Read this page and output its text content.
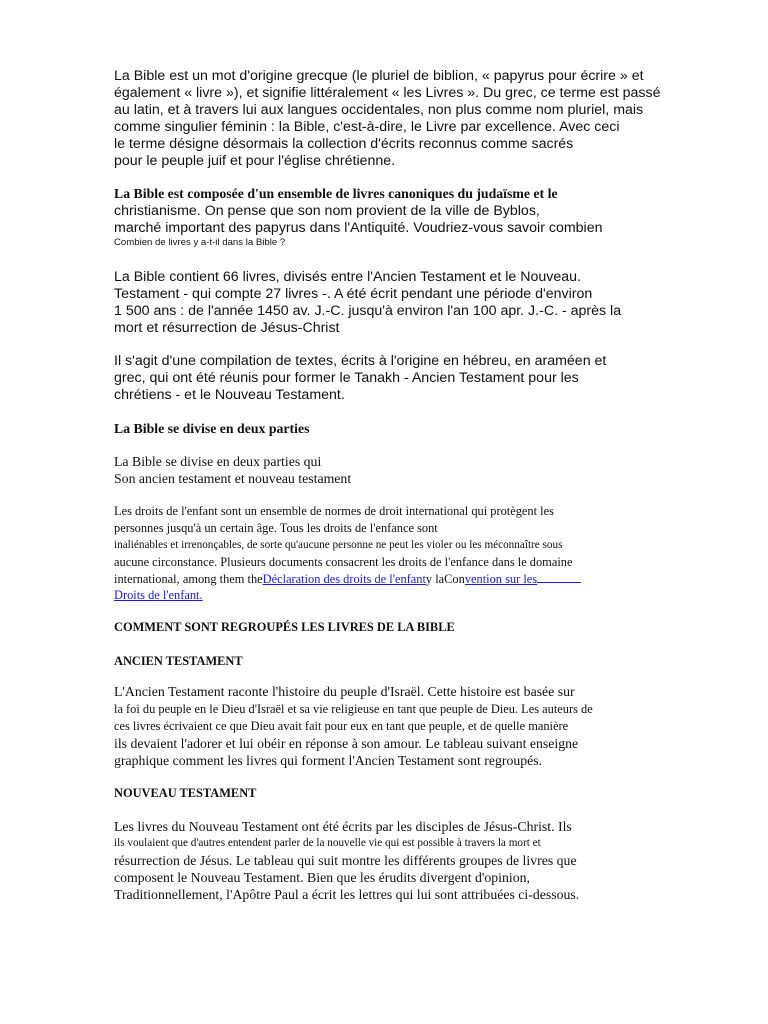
La Bible est un mot d'origine grecque (le pluriel de biblion, « papyrus pour écrire » et

également « livre »), et signifie littéralement « les Livres ». Du grec, ce terme est passé

au latin, et à travers lui aux langues occidentales, non plus comme nom pluriel, mais

comme singulier féminin : la Bible, c'est-à-dire, le Livre par excellence. Avec ceci

le terme désigne désormais la collection d'écrits reconnus comme sacrés

pour le peuple juif et pour l'église chrétienne.

La Bible est composée d'un ensemble de livres canoniques du judaïsme et le

christianisme. On pense que son nom provient de la ville de Byblos,

marché important des papyrus dans l'Antiquité. Voudriez-vous savoir combien

Combien de livres y a-t-il dans la Bible ?

La Bible contient 66 livres, divisés entre l'Ancien Testament et le Nouveau.

Testament - qui compte 27 livres -. A été écrit pendant une période d'environ

1 500 ans : de l'année 1450 av. J.-C. jusqu'à environ l'an 100 apr. J.-C. - après la

mort et résurrection de Jésus-Christ

Il s'agit d'une compilation de textes, écrits à l'origine en hébreu, en araméen et

grec, qui ont été réunis pour former le Tanakh - Ancien Testament pour les

chrétiens - et le Nouveau Testament.

La Bible se divise en deux parties

La Bible se divise en deux parties qui

Son ancien testament et nouveau testament

Les droits de l'enfant sont un ensemble de normes de droit international qui protègent les

personnes jusqu'à un certain âge. Tous les droits de l'enfance sont

inaliénables et irrenonçables, de sorte qu'aucune personne ne peut les violer ou les méconnaître sous

aucune circonstance. Plusieurs documents consacrent les droits de l'enfance dans le domaine

international, among them theDéclaration des droits de l'enfanty laConvention sur les

Droits de l'enfant.

COMMENT SONT REGROUPÉS LES LIVRES DE LA BIBLE

ANCIEN TESTAMENT

L'Ancien Testament raconte l'histoire du peuple d'Israël. Cette histoire est basée sur

la foi du peuple en le Dieu d'Israël et sa vie religieuse en tant que peuple de Dieu. Les auteurs de

ces livres écrivaient ce que Dieu avait fait pour eux en tant que peuple, et de quelle manière

ils devaient l'adorer et lui obéir en réponse à son amour. Le tableau suivant enseigne

graphique comment les livres qui forment l'Ancien Testament sont regroupés.

NOUVEAU TESTAMENT

Les livres du Nouveau Testament ont été écrits par les disciples de Jésus-Christ. Ils

ils voulaient que d'autres entendent parler de la nouvelle vie qui est possible à travers la mort et

résurrection de Jésus. Le tableau qui suit montre les différents groupes de livres que

composent le Nouveau Testament. Bien que les érudits divergent d'opinion,

Traditionnellement, l'Apôtre Paul a écrit les lettres qui lui sont attribuées ci-dessous.
